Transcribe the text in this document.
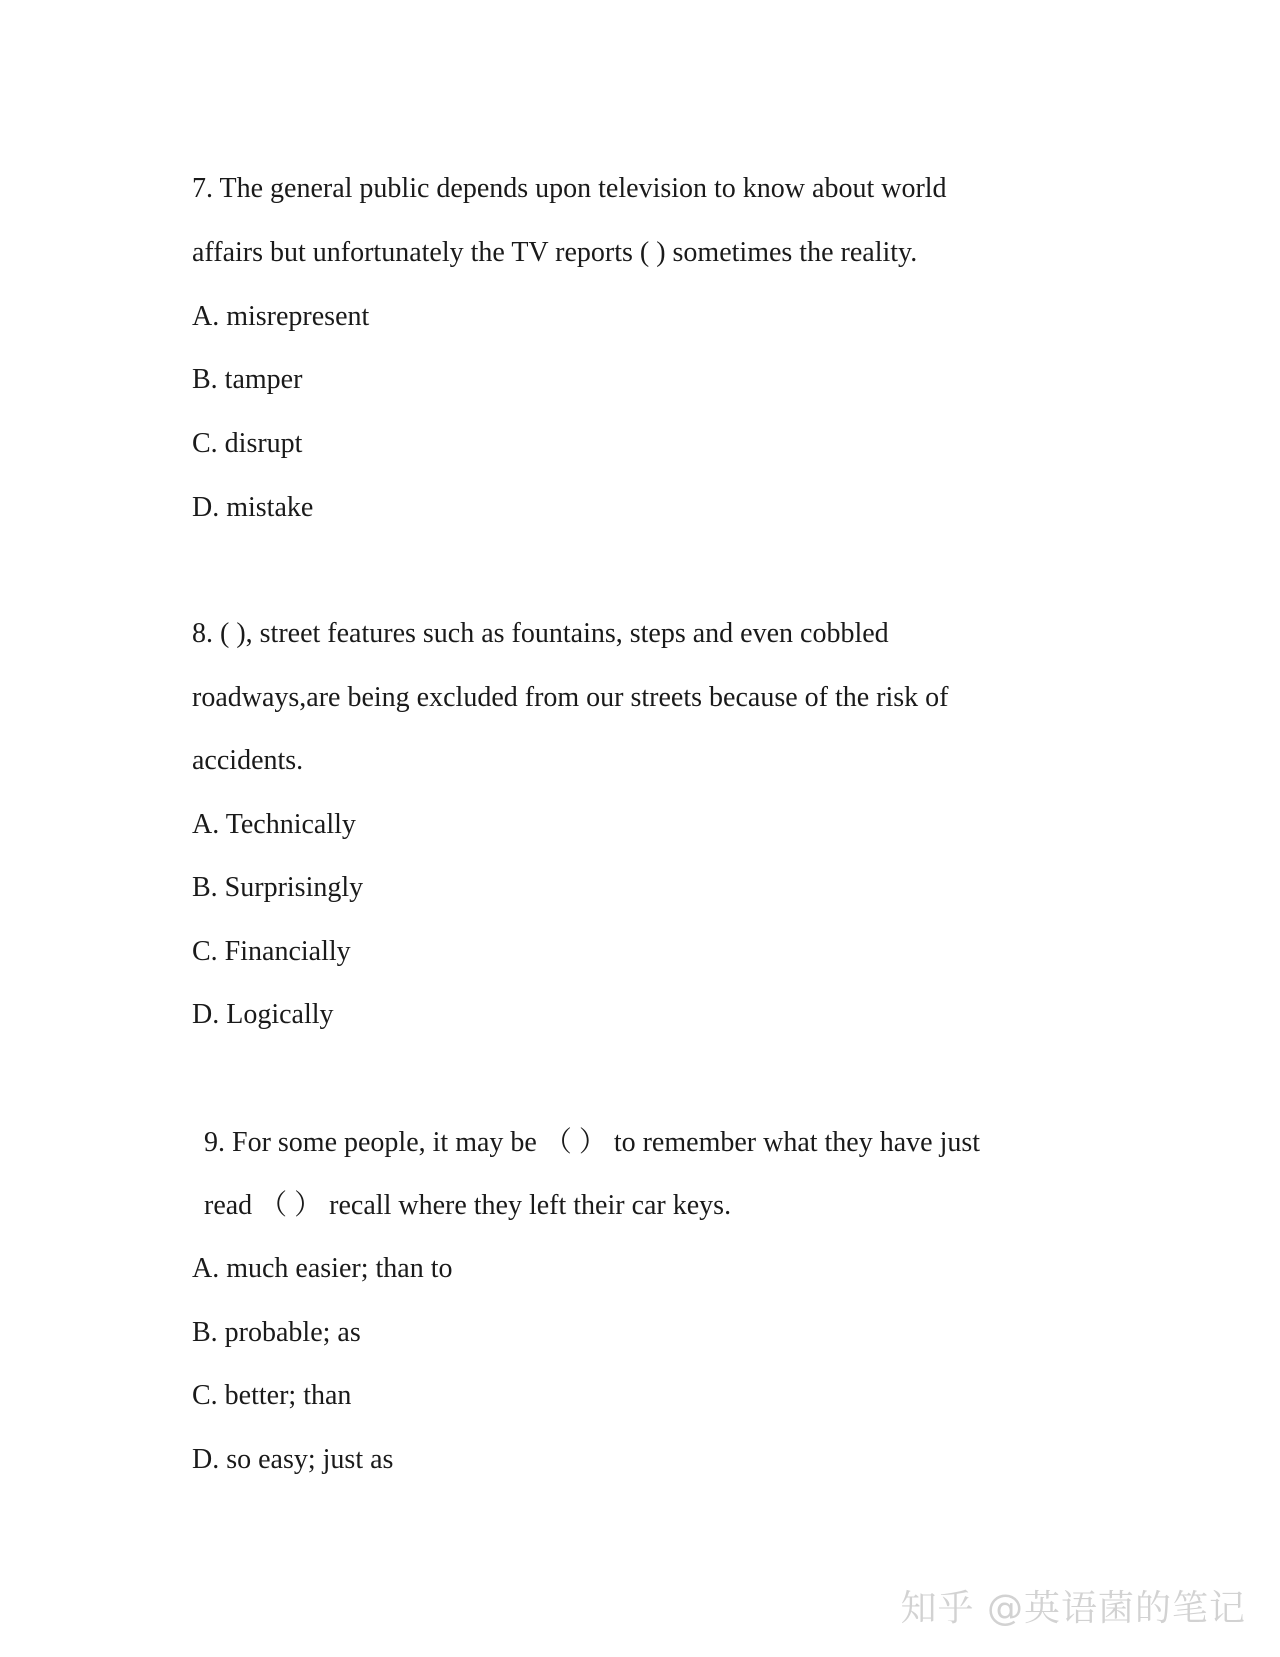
7. The general public depends upon television to know about world
affairs but unfortunately the TV reports ( ) sometimes the reality.
A. misrepresent
B. tamper
C. disrupt
D. mistake
8. ( ), street features such as fountains, steps and even cobbled
roadways,are being excluded from our streets because of the risk of
accidents.
A. Technically
B. Surprisingly
C. Financially
D. Logically
9. For some people, it may be （ ） to remember what they have just
read （ ） recall where they left their car keys.
A. much easier; than to
B. probable; as
C. better; than
D. so easy; just as
知乎 @英语菌的笔记
